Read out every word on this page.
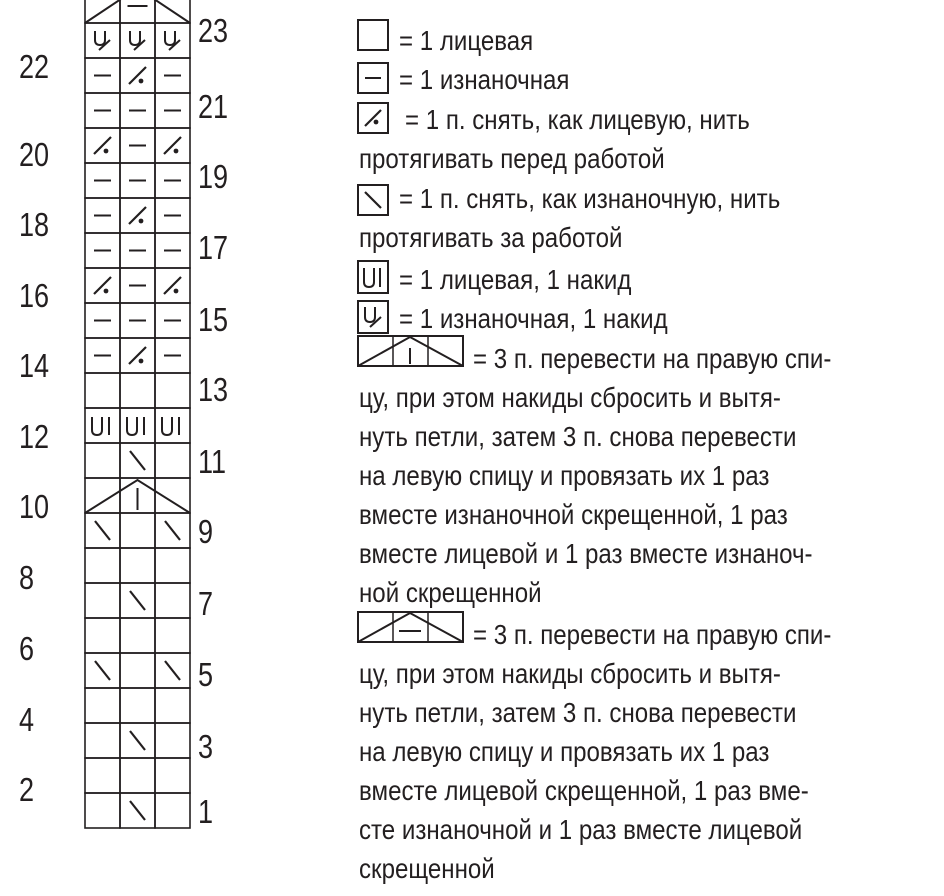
2
4
6
8
10
12
14
16
18
20
22
1
3
5
7
9
11
13
15
17
19
21
23	= 1 лицевая
= 1 изнаночная
= 1 п. снять, как лицевую, нить
протягивать перед работой
= 1 п. снять, как изнаночную, нить
протягивать за работой
= 1 лицевая, 1 накид
= 1 изнаночная, 1 накид
= 3 п. перевести на правую спи-
цу, при этом накиды сбросить и вытя-
нуть петли, затем 3 п. снова перевести
на левую спицу и провязать их 1 раз
вместе изнаночной скрещенной, 1 раз
вместе лицевой и 1 раз вместе изнаноч-
ной скрещенной
= 3 п. перевести на правую спи-
цу, при этом накиды сбросить и вытя-
нуть петли, затем 3 п. снова перевести
на левую спицу и провязать их 1 раз
вместе лицевой скрещенной, 1 раз вме-
сте изнаночной и 1 раз вместе лицевой
скрещенной
